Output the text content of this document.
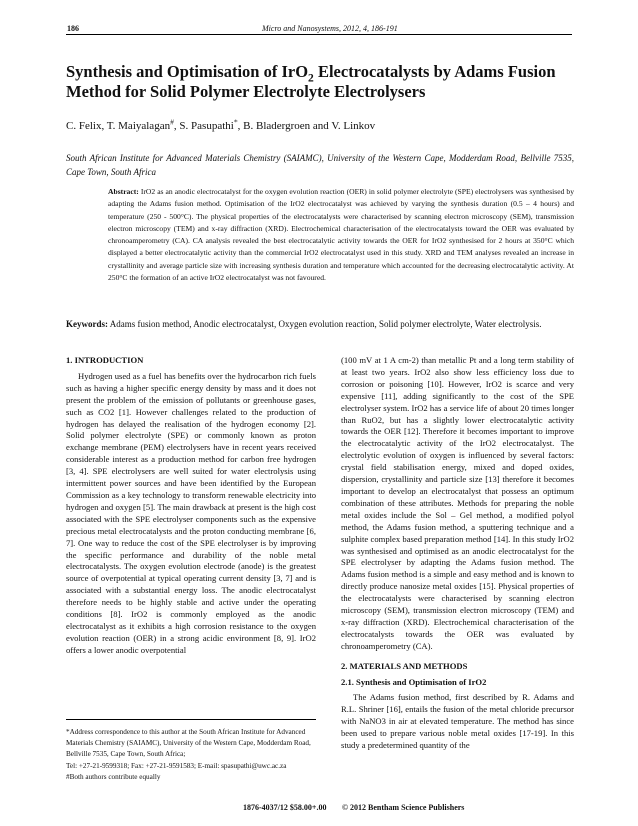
186	Micro and Nanosystems, 2012, 4, 186-191
Synthesis and Optimisation of IrO$_2$ Electrocatalysts by Adams Fusion Method for Solid Polymer Electrolyte Electrolysers
C. Felix, T. Maiyalagan#, S. Pasupathi*, B. Bladergroen and V. Linkov
South African Institute for Advanced Materials Chemistry (SAIAMC), University of the Western Cape, Modderdam Road, Bellville 7535, Cape Town, South Africa
Abstract: IrO2 as an anodic electrocatalyst for the oxygen evolution reaction (OER) in solid polymer electrolyte (SPE) electrolysers was synthesised by adapting the Adams fusion method. Optimisation of the IrO2 electrocatalyst was achieved by varying the synthesis duration (0.5 – 4 hours) and temperature (250 - 500°C). The physical properties of the electrocatalysts were characterised by scanning electron microscopy (SEM), transmission electron microscopy (TEM) and x-ray diffraction (XRD). Electrochemical characterisation of the electrocatalysts toward the OER was evaluated by chronoamperometry (CA). CA analysis revealed the best electrocatalytic activity towards the OER for IrO2 synthesised for 2 hours at 350°C which displayed a better electrocatalytic activity than the commercial IrO2 electrocatalyst used in this study. XRD and TEM analyses revealed an increase in crystallinity and average particle size with increasing synthesis duration and temperature which accounted for the decreasing electrocatalytic activity. At 250°C the formation of an active IrO2 electrocatalyst was not favoured.
Keywords: Adams fusion method, Anodic electrocatalyst, Oxygen evolution reaction, Solid polymer electrolyte, Water electrolysis.
1. INTRODUCTION

Hydrogen used as a fuel has benefits over the hydrocarbon rich fuels such as having a higher specific energy density by mass and it does not present the problem of the emission of pollutants or greenhouse gases, such as CO2 [1]. However challenges related to the production of hydrogen has delayed the realisation of the hydrogen economy [2]. Solid polymer electrolyte (SPE) or commonly known as proton exchange membrane (PEM) electrolysers have in recent years received considerable interest as a production method for carbon free hydrogen [3, 4]. SPE electrolysers are well suited for water electrolysis using intermittent power sources and have been identified by the European Commission as a key technology to transform renewable electricity into hydrogen and oxygen [5]. The main drawback at present is the high cost associated with the SPE electrolyser components such as the expensive precious metal electrocatalysts and the proton conducting membrane [6, 7]. One way to reduce the cost of the SPE electrolyser is by improving the specific performance and durability of the noble metal electrocatalysts. The oxygen evolution electrode (anode) is the greatest source of overpotential at typical operating current density [3, 7] and is associated with a substantial energy loss. The anodic electrocatalyst therefore needs to be highly stable and active under the operating conditions [8]. IrO2 is commonly employed as the anodic electrocatalyst as it exhibits a high corrosion resistance to the oxygen evolution reaction (OER) in a strong acidic environment [8, 9]. IrO2 offers a lower anodic overpotential

(100 mV at 1 A cm-2) than metallic Pt and a long term stability of at least two years. IrO2 also show less efficiency loss due to corrosion or poisoning [10]. However, IrO2 is scarce and very expensive [11], adding significantly to the cost of the SPE electrolyser system. IrO2 has a service life of about 20 times longer than RuO2, but has a slightly lower electrocatalytic activity towards the OER [12]. Therefore it becomes important to improve the electrocatalytic activity of the IrO2 electrocatalyst. The electrolytic evolution of oxygen is influenced by several factors: crystal field stabilisation energy, mixed and doped oxides, dispersion, crystallinity and particle size [13] therefore it becomes important to develop an electrocatalyst that possess an optimum combination of these attributes. Methods for preparing the noble metal oxides include the Sol – Gel method, a modified polyol method, the Adams fusion method, a sputtering technique and a sulphite complex based preparation method [14]. In this study IrO2 was synthesised and optimised as an anodic electrocatalyst for the SPE electrolyser by adapting the Adams fusion method. The Adams fusion method is a simple and easy method and is known to directly produce nanosize metal oxides [15]. Physical properties of the electrocatalysts were characterised by scanning electron microscopy (SEM), transmission electron microscopy (TEM) and x-ray diffraction (XRD). Electrochemical characterisation of the electrocatalysts towards the OER was evaluated by chronoamperometry (CA).

2. MATERIALS AND METHODS
2.1. Synthesis and Optimisation of IrO2

The Adams fusion method, first described by R. Adams and R.L. Shriner [16], entails the fusion of the metal chloride precursor with NaNO3 in air at elevated temperature. The method has since been used to prepare various noble metal oxides [17-19]. In this study a predetermined quantity of the

*Address correspondence to this author at the South African Institute for Advanced Materials Chemistry (SAIAMC), University of the Western Cape, Modderdam Road, Bellville 7535, Cape Town, South Africa;
Tel: +27-21-9599318; Fax: +27-21-9591583; E-mail: spasupathi@uwc.ac.za
#Both authors contribute equally
1876-4037/12 $58.00+.00 © 2012 Bentham Science Publishers
